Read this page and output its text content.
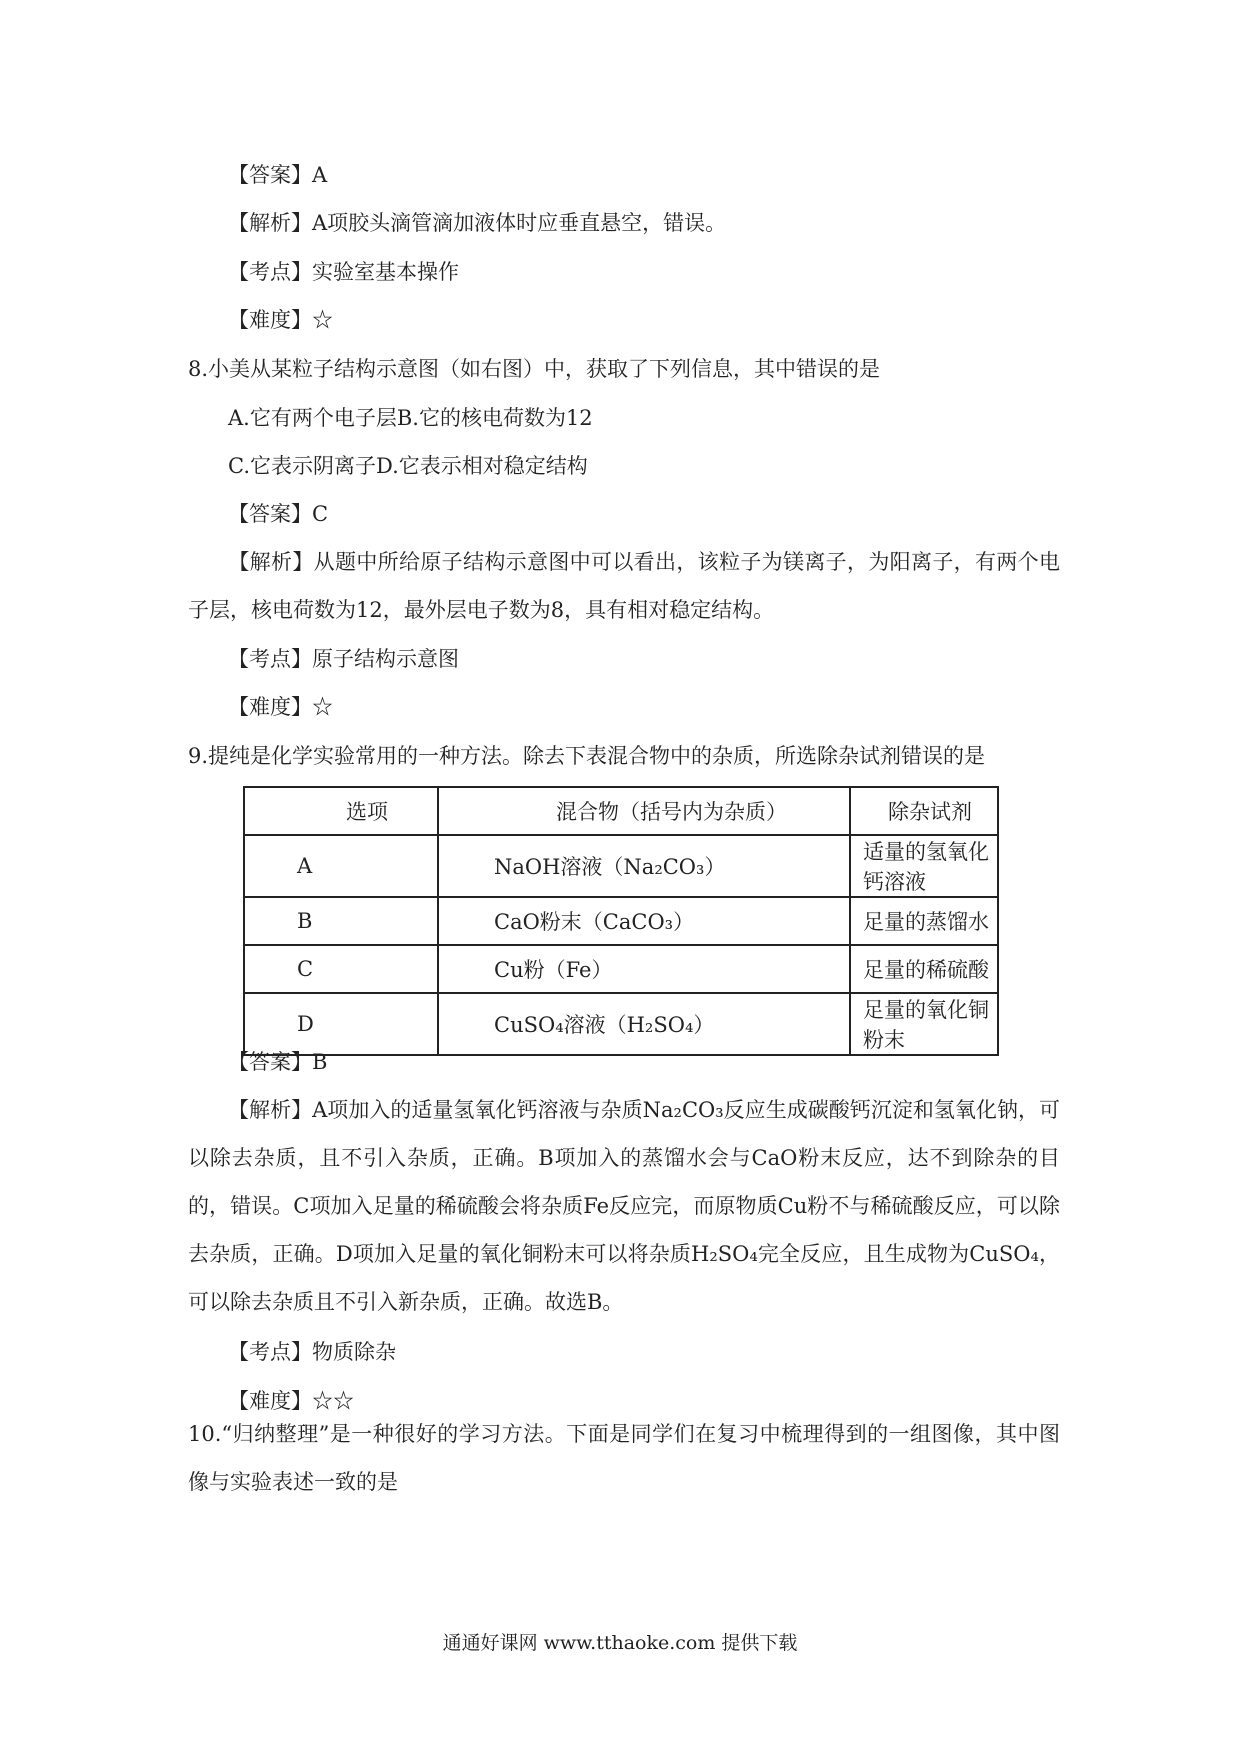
【答案】A
【解析】A项胶头滴管滴加液体时应垂直悬空，错误。
【考点】实验室基本操作
【难度】☆
8.小美从某粒子结构示意图（如右图）中，获取了下列信息，其中错误的是
A.它有两个电子层B.它的核电荷数为12
C.它表示阴离子D.它表示相对稳定结构
【答案】C
【解析】从题中所给原子结构示意图中可以看出，该粒子为镁离子，为阳离子，有两个电子层，核电荷数为12，最外层电子数为8，具有相对稳定结构。
【考点】原子结构示意图
【难度】☆
9.提纯是化学实验常用的一种方法。除去下表混合物中的杂质，所选除杂试剂错误的是
选项	混合物（括号内为杂质）	除杂试剂
A	NaOH溶液（Na₂CO₃）	适量的氢氧化钙溶液
B	CaO粉末（CaCO₃）	足量的蒸馏水
C	Cu粉（Fe）	足量的稀硫酸
D	CuSO₄溶液（H₂SO₄）	足量的氧化铜粉末
【答案】B
【解析】A项加入的适量氢氧化钙溶液与杂质Na₂CO₃反应生成碳酸钙沉淀和氢氧化钠，可以除去杂质，且不引入杂质，正确。B项加入的蒸馏水会与CaO粉末反应，达不到除杂的目的，错误。C项加入足量的稀硫酸会将杂质Fe反应完，而原物质Cu粉不与稀硫酸反应，可以除去杂质，正确。D项加入足量的氧化铜粉末可以将杂质H₂SO₄完全反应，且生成物为CuSO₄，可以除去杂质且不引入新杂质，正确。故选B。
【考点】物质除杂
【难度】☆☆
10.“归纳整理”是一种很好的学习方法。下面是同学们在复习中梳理得到的一组图像，其中图像与实验表述一致的是
通通好课网 www.tthaoke.com 提供下载
